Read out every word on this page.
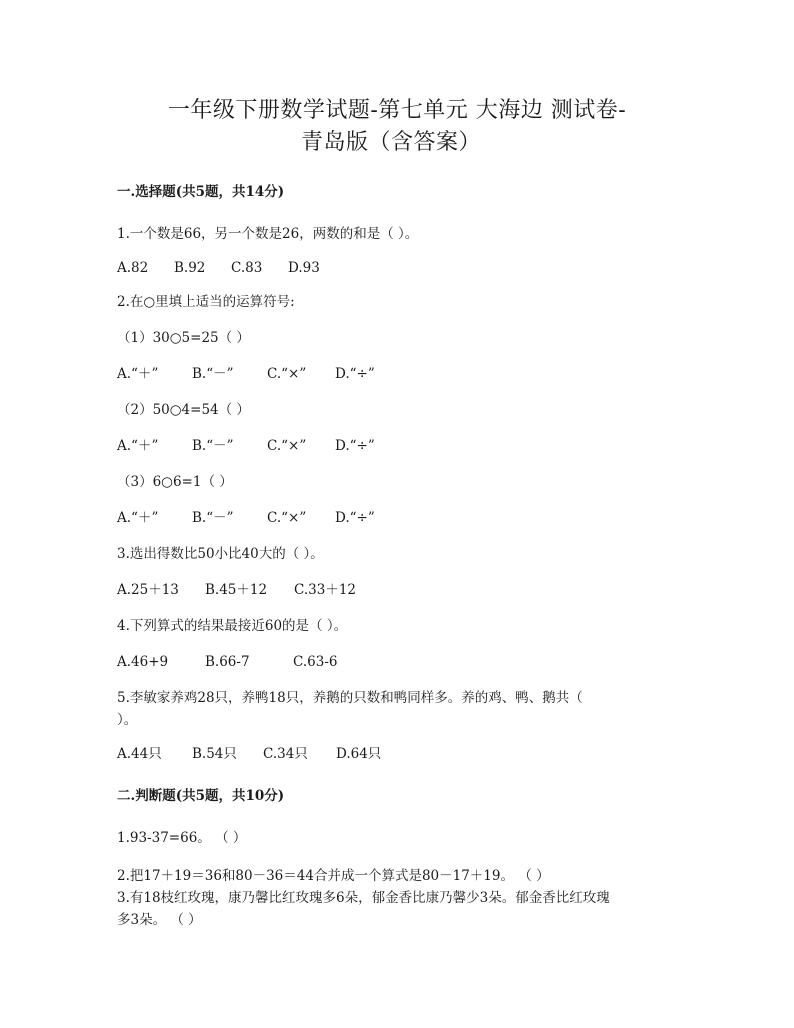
一年级下册数学试题-第七单元 大海边 测试卷-
青岛版（含答案）
一.选择题(共5题，共14分)
1.一个数是66，另一个数是26，两数的和是（ ）。
A.82	B.92	C.83	D.93
2.在○里填上适当的运算符号:
（1）30○5=25（ ）
A.“＋”	B.“－”	C.“×”	D.“÷”
（2）50○4=54（ ）
A.“＋”	B.“－”	C.“×”	D.“÷”
（3）6○6=1（ ）
A.“＋”	B.“－”	C.“×”	D.“÷”
3.选出得数比50小比40大的（ ）。
A.25＋13	B.45＋12	C.33＋12
4.下列算式的结果最接近60的是（ ）。
A.46+9	B.66-7	C.63-6
5.李敏家养鸡28只，养鸭18只，养鹅的只数和鸭同样多。养的鸡、鸭、鹅共（
）。
A.44只	B.54只	C.34只	D.64只
二.判断题(共5题，共10分)
1.93-37=66。 （ ）
2.把17＋19＝36和80－36＝44合并成一个算式是80－17＋19。 （ ）
3.有18枝红玫瑰，康乃馨比红玫瑰多6朵，郁金香比康乃馨少3朵。郁金香比红玫瑰
多3朵。 （ ）
